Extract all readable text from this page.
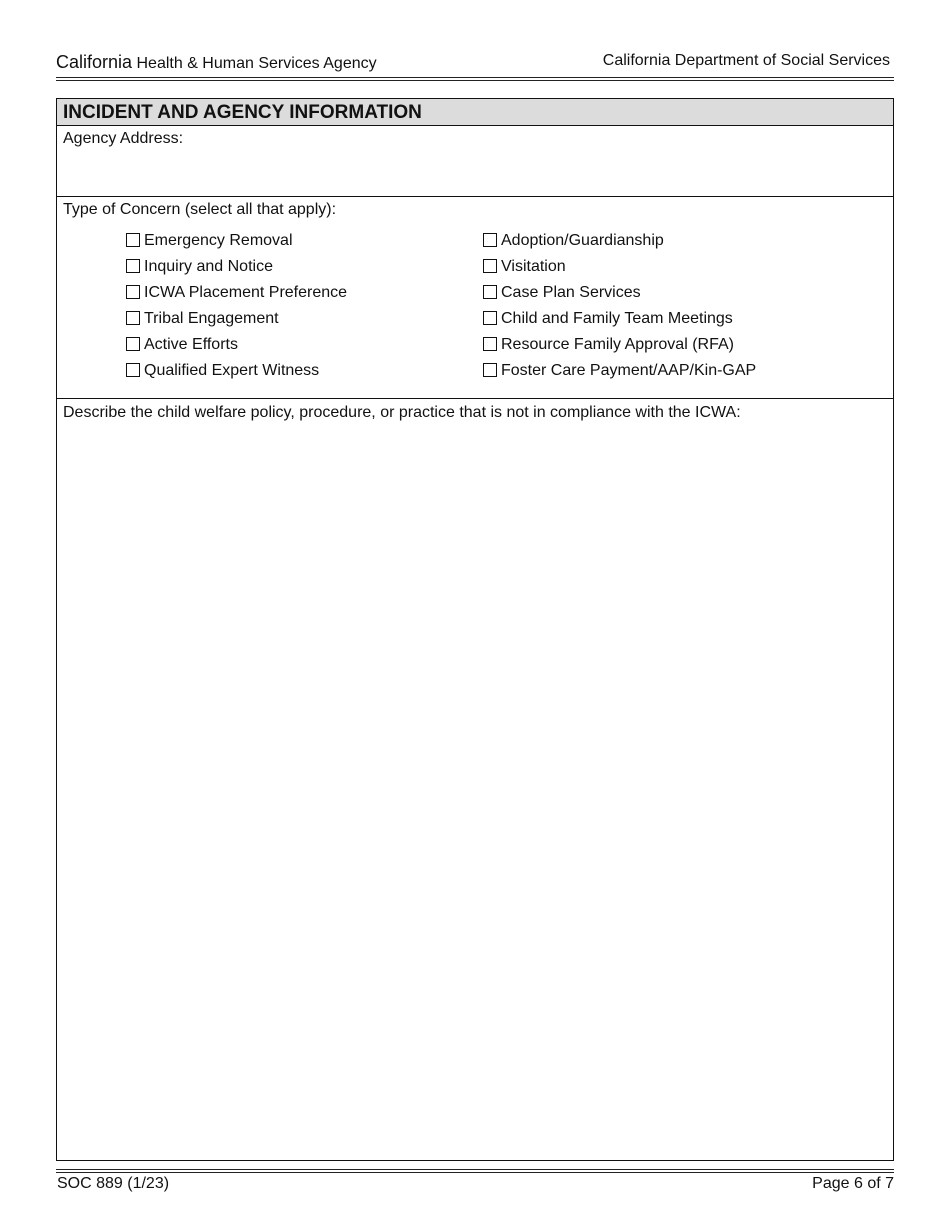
California Health & Human Services Agency	California Department of Social Services
INCIDENT AND AGENCY INFORMATION
Agency Address:
Type of Concern (select all that apply):
Emergency Removal
Inquiry and Notice
ICWA Placement Preference
Tribal Engagement
Active Efforts
Qualified Expert Witness
Adoption/Guardianship
Visitation
Case Plan Services
Child and Family Team Meetings
Resource Family Approval (RFA)
Foster Care Payment/AAP/Kin-GAP
Describe the child welfare policy, procedure, or practice that is not in compliance with the ICWA:
SOC 889 (1/23)	Page 6 of 7
